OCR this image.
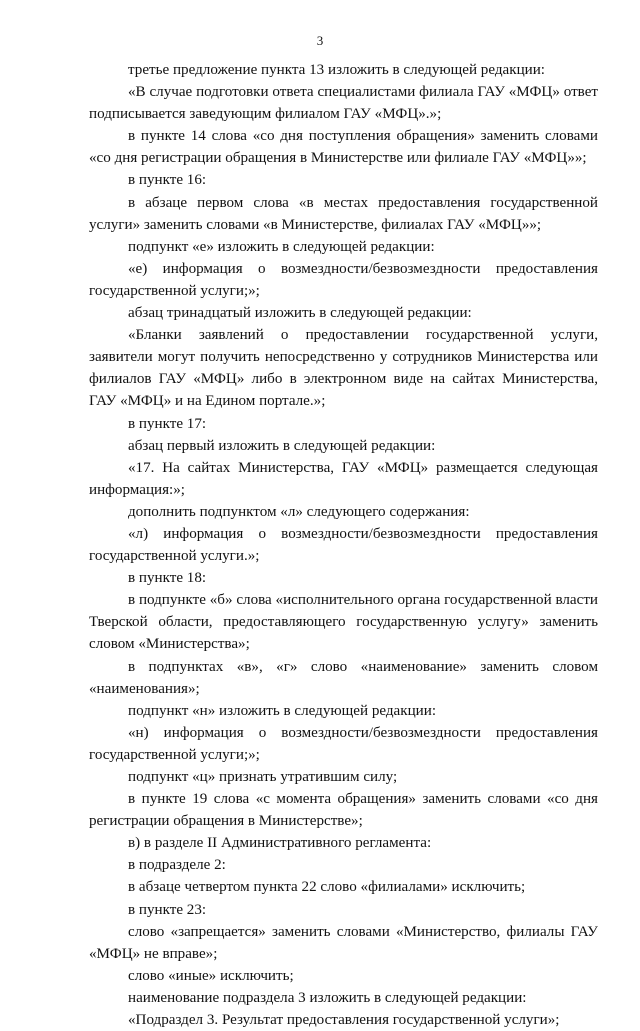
3

третье предложение пункта 13 изложить в следующей редакции:

«В случае подготовки ответа специалистами филиала ГАУ «МФЦ» ответ подписывается заведующим филиалом ГАУ «МФЦ».»;

в пункте 14 слова «со дня поступления обращения» заменить словами «со дня регистрации обращения в Министерстве или филиале ГАУ «МФЦ»»;

в пункте 16:

в абзаце первом слова «в местах предоставления государственной услуги» заменить словами «в Министерстве, филиалах ГАУ «МФЦ»»;

подпункт «е» изложить в следующей редакции:

«е) информация о возмездности/безвозмездности предоставления государственной услуги;»;

абзац тринадцатый изложить в следующей редакции:

«Бланки заявлений о предоставлении государственной услуги, заявители могут получить непосредственно у сотрудников Министерства или филиалов ГАУ «МФЦ» либо в электронном виде на сайтах Министерства, ГАУ «МФЦ» и на Едином портале.»;

в пункте 17:

абзац первый изложить в следующей редакции:

«17. На сайтах Министерства, ГАУ «МФЦ» размещается следующая информация:»;

дополнить подпунктом «л» следующего содержания:

«л) информация о возмездности/безвозмездности предоставления государственной услуги.»;

в пункте 18:

в подпункте «б» слова «исполнительного органа государственной власти Тверской области, предоставляющего государственную услугу» заменить словом «Министерства»;

в подпунктах «в», «г» слово «наименование» заменить словом «наименования»;

подпункт «н» изложить в следующей редакции:

«н) информация о возмездности/безвозмездности предоставления государственной услуги;»;

подпункт «ц» признать утратившим силу;

в пункте 19 слова «с момента обращения» заменить словами «со дня регистрации обращения в Министерстве»;

в) в разделе II Административного регламента:

в подразделе 2:

в абзаце четвертом пункта 22 слово «филиалами» исключить;

в пункте 23:

слово «запрещается» заменить словами «Министерство, филиалы ГАУ «МФЦ» не вправе»;

слово «иные» исключить;

наименование подраздела 3 изложить в следующей редакции:

«Подраздел 3. Результат предоставления государственной услуги»;
